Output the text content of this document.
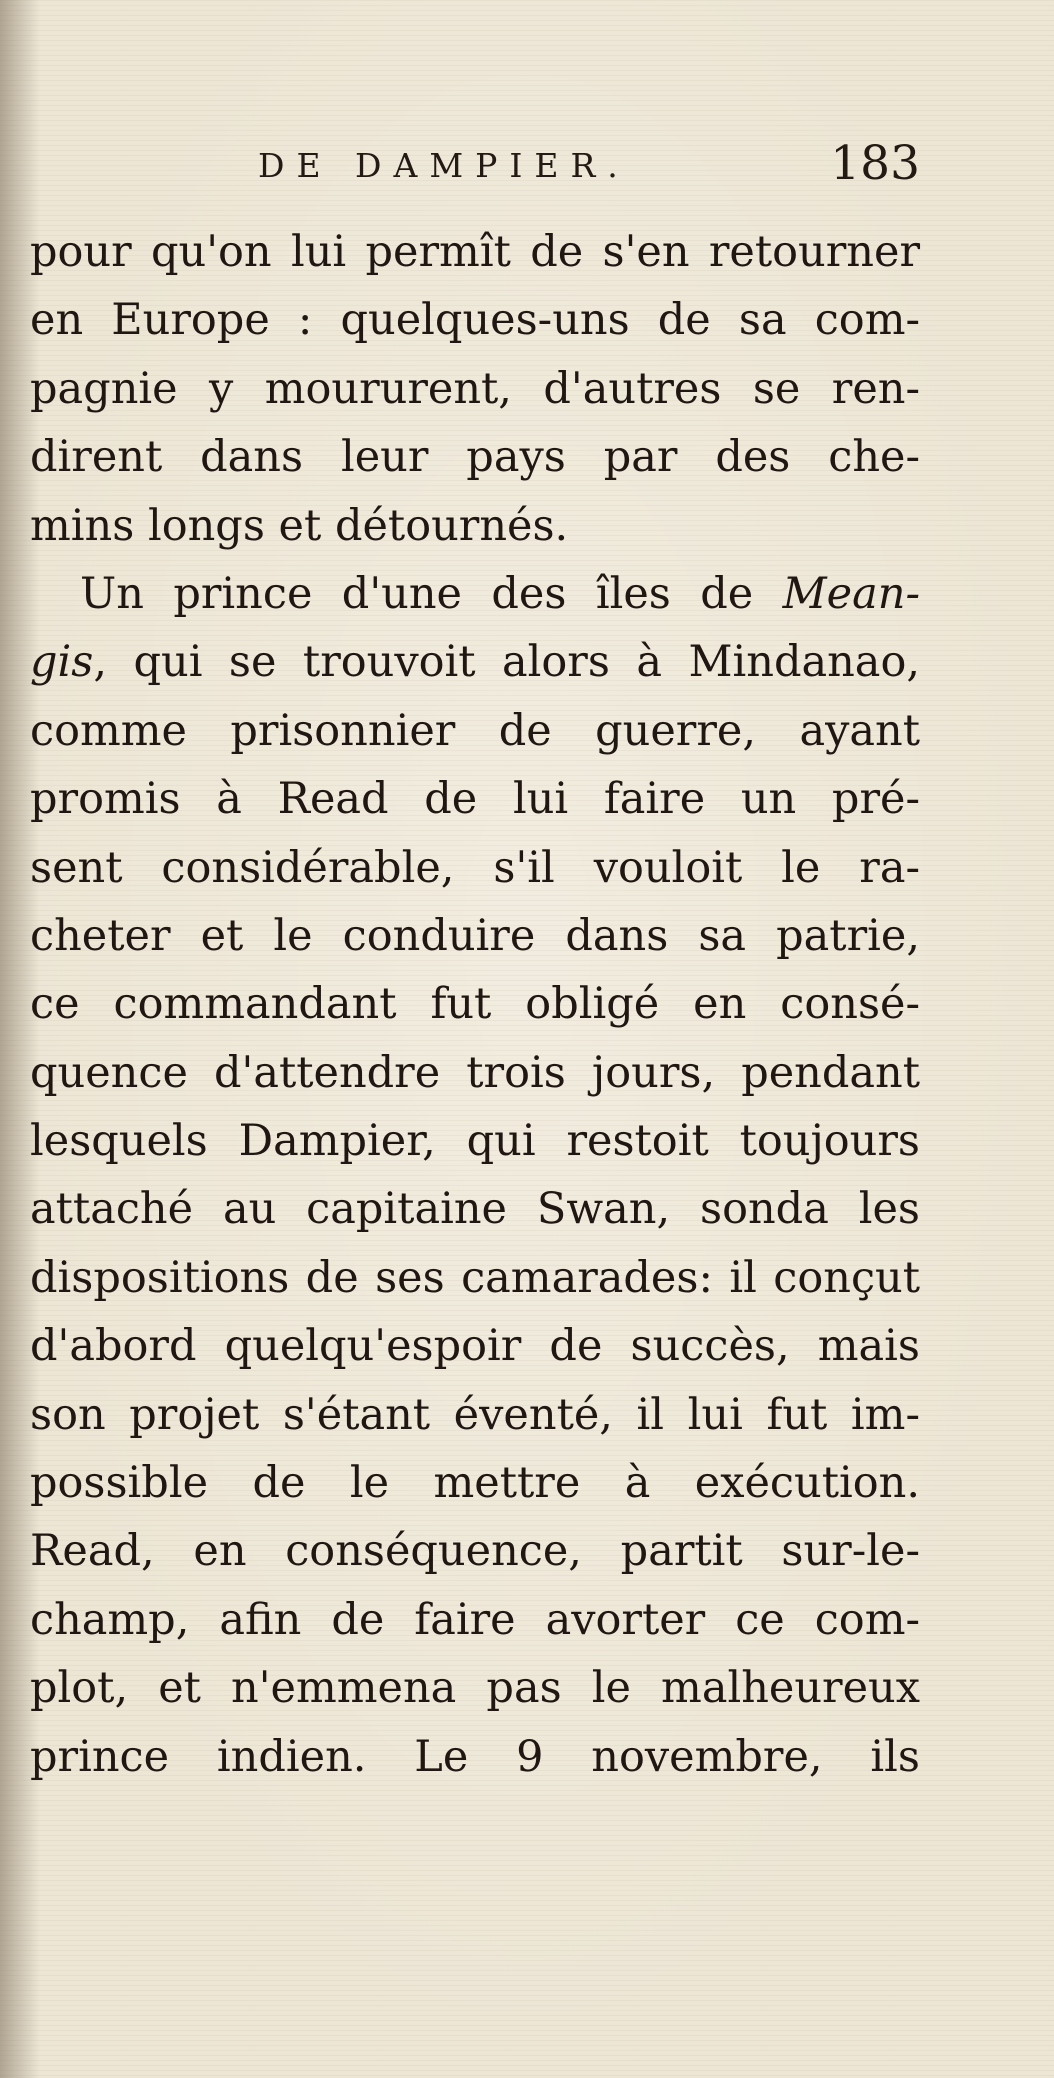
DE DAMPIER.	183
pour qu'on lui permît de s'en retourner
en Europe : quelques-uns de sa com-
pagnie y moururent, d'autres se ren-
dirent dans leur pays par des che-
mins longs et détournés.
Un prince d'une des îles de Mean-
gis, qui se trouvoit alors à Mindanao,
comme prisonnier de guerre, ayant
promis à Read de lui faire un pré-
sent considérable, s'il vouloit le ra-
cheter et le conduire dans sa patrie,
ce commandant fut obligé en consé-
quence d'attendre trois jours, pendant
lesquels Dampier, qui restoit toujours
attaché au capitaine Swan, sonda les
dispositions de ses camarades: il conçut
d'abord quelqu'espoir de succès, mais
son projet s'étant éventé, il lui fut im-
possible de le mettre à exécution.
Read, en conséquence, partit sur-le-
champ, afin de faire avorter ce com-
plot, et n'emmena pas le malheureux
prince indien. Le 9 novembre, ils
